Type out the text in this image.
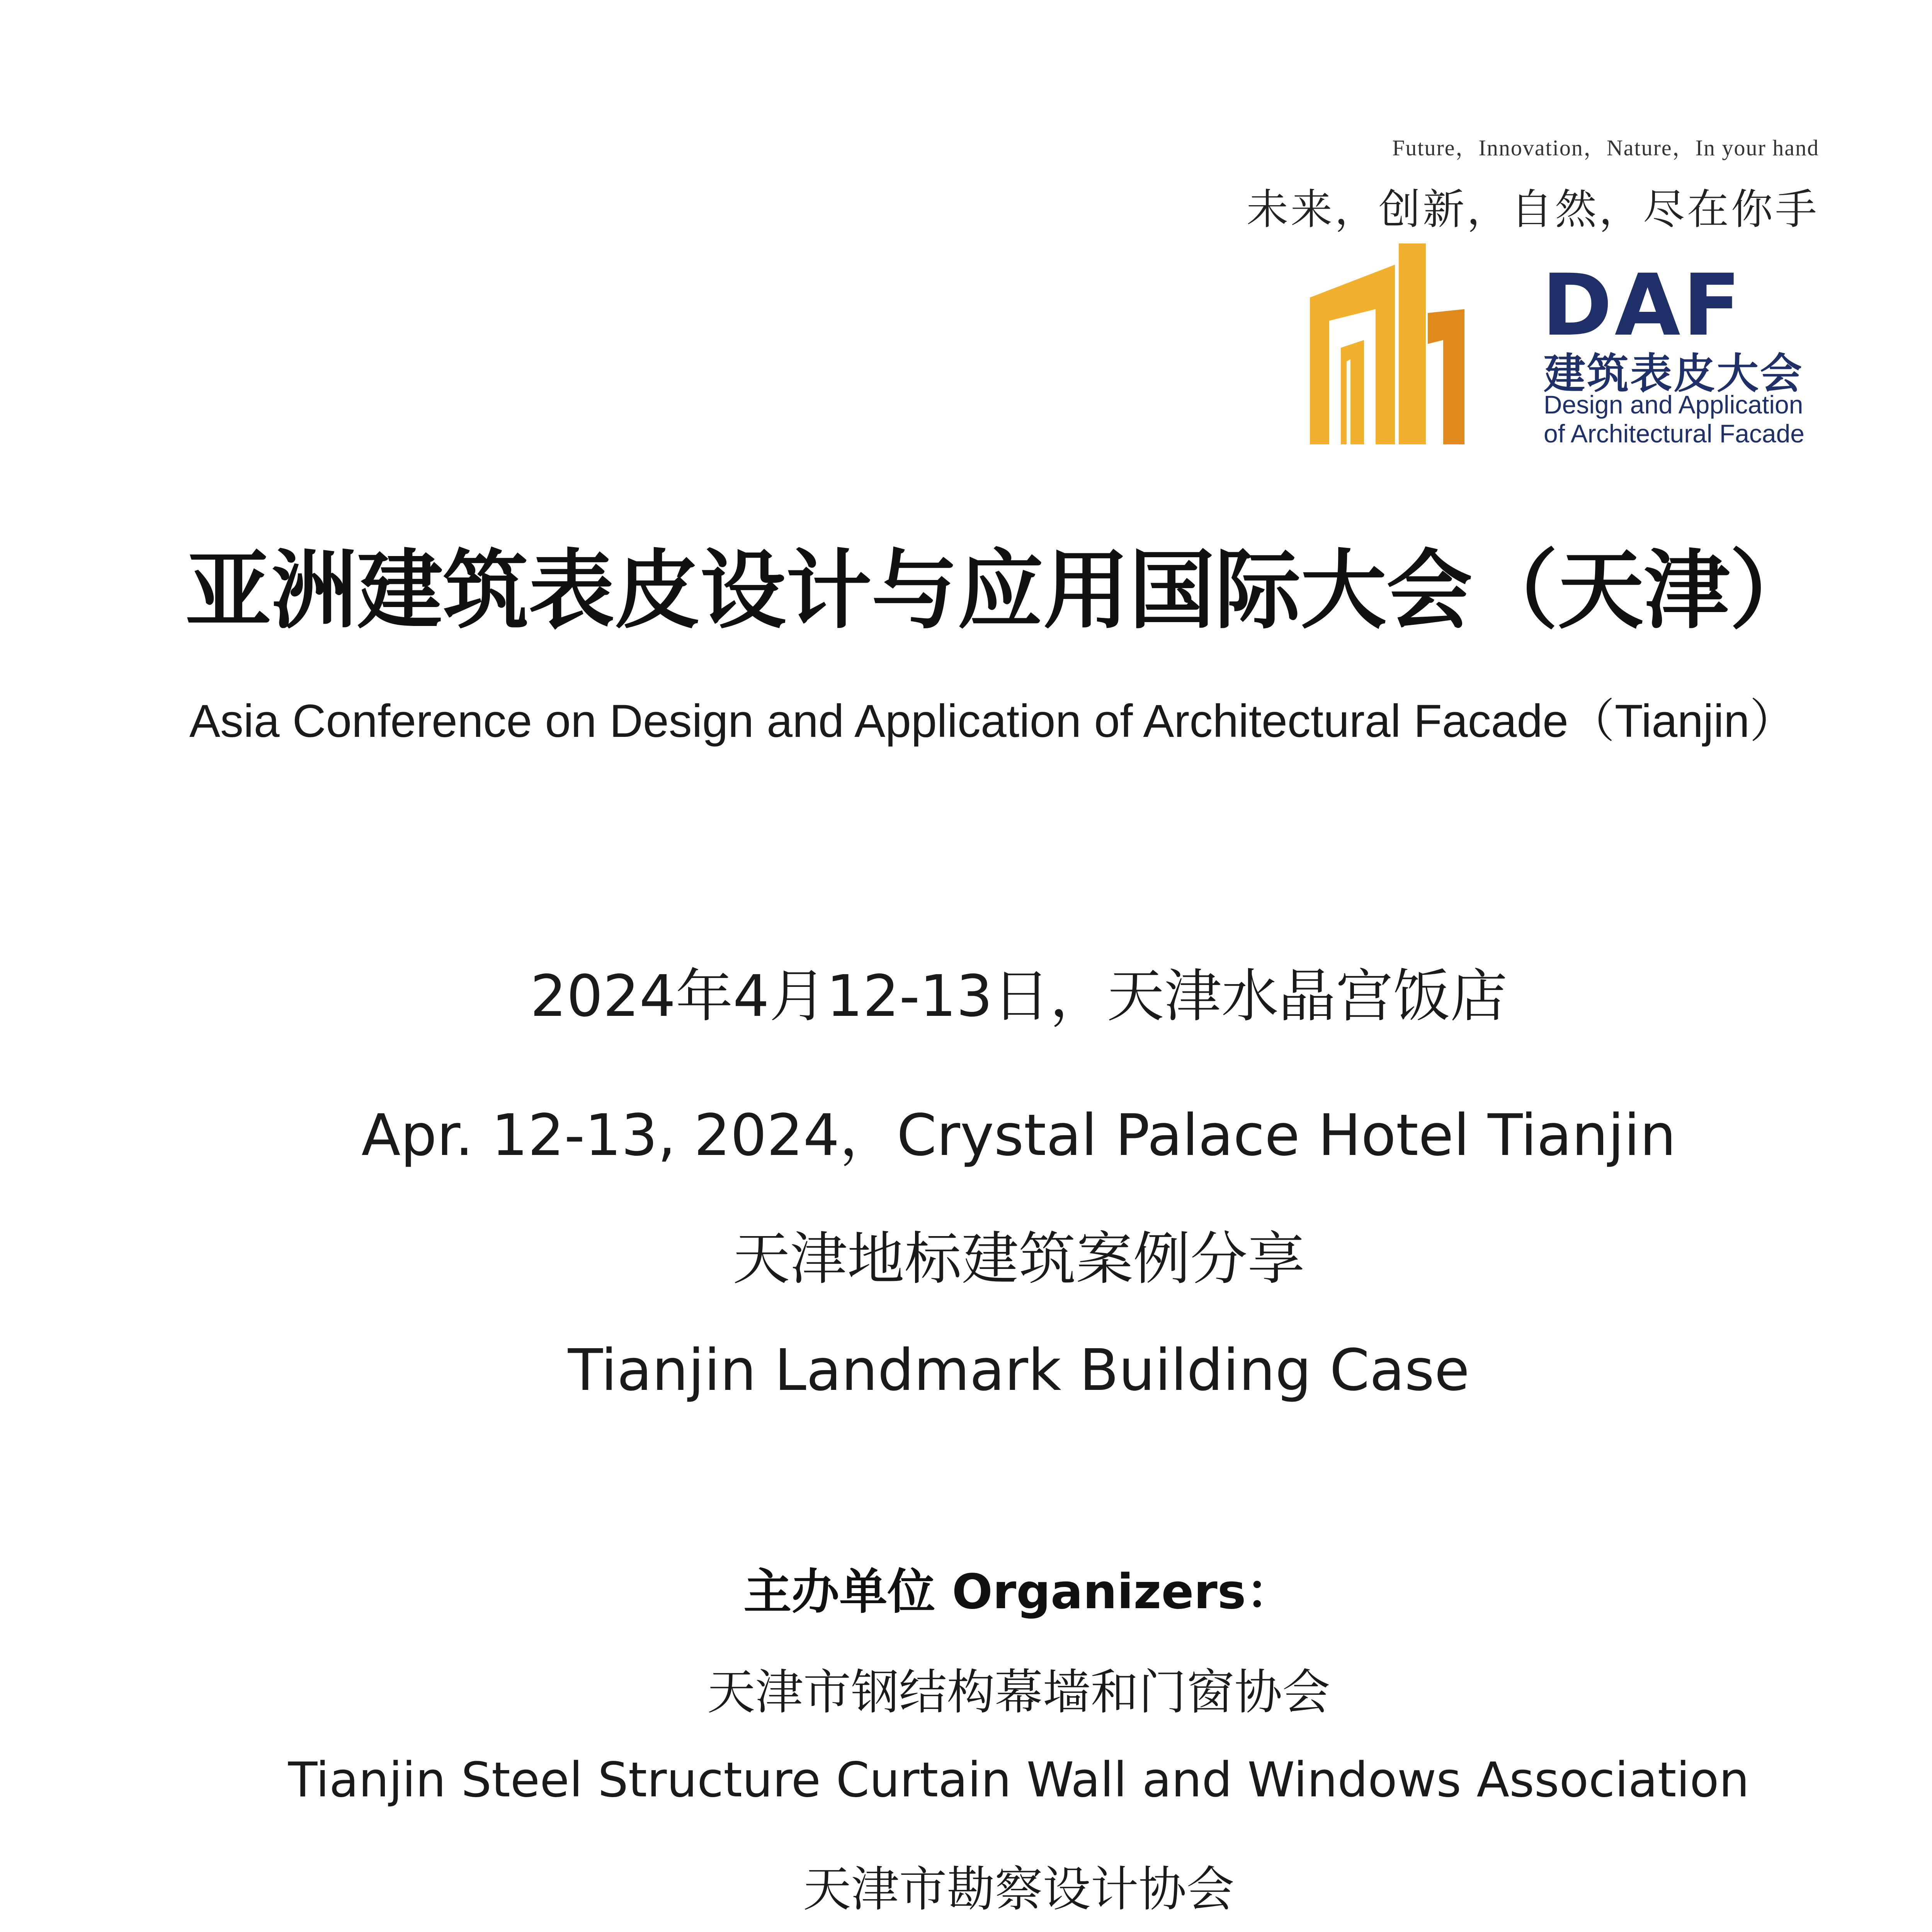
Future，Innovation，Nature，In your hand
未来，创新，自然，尽在你手
DAF
建筑表皮大会
Design and Application
of Architectural Facade
亚洲建筑表皮设计与应用国际大会（天津）
Asia Conference on Design and Application of Architectural Facade（Tianjin）
2024年4月12-13日，天津水晶宫饭店
Apr. 12-13, 2024，Crystal Palace Hotel Tianjin
天津地标建筑案例分享
Tianjin Landmark Building Case
主办单位 Organizers：
天津市钢结构幕墙和门窗协会
Tianjin Steel Structure Curtain Wall and Windows Association
天津市勘察设计协会
